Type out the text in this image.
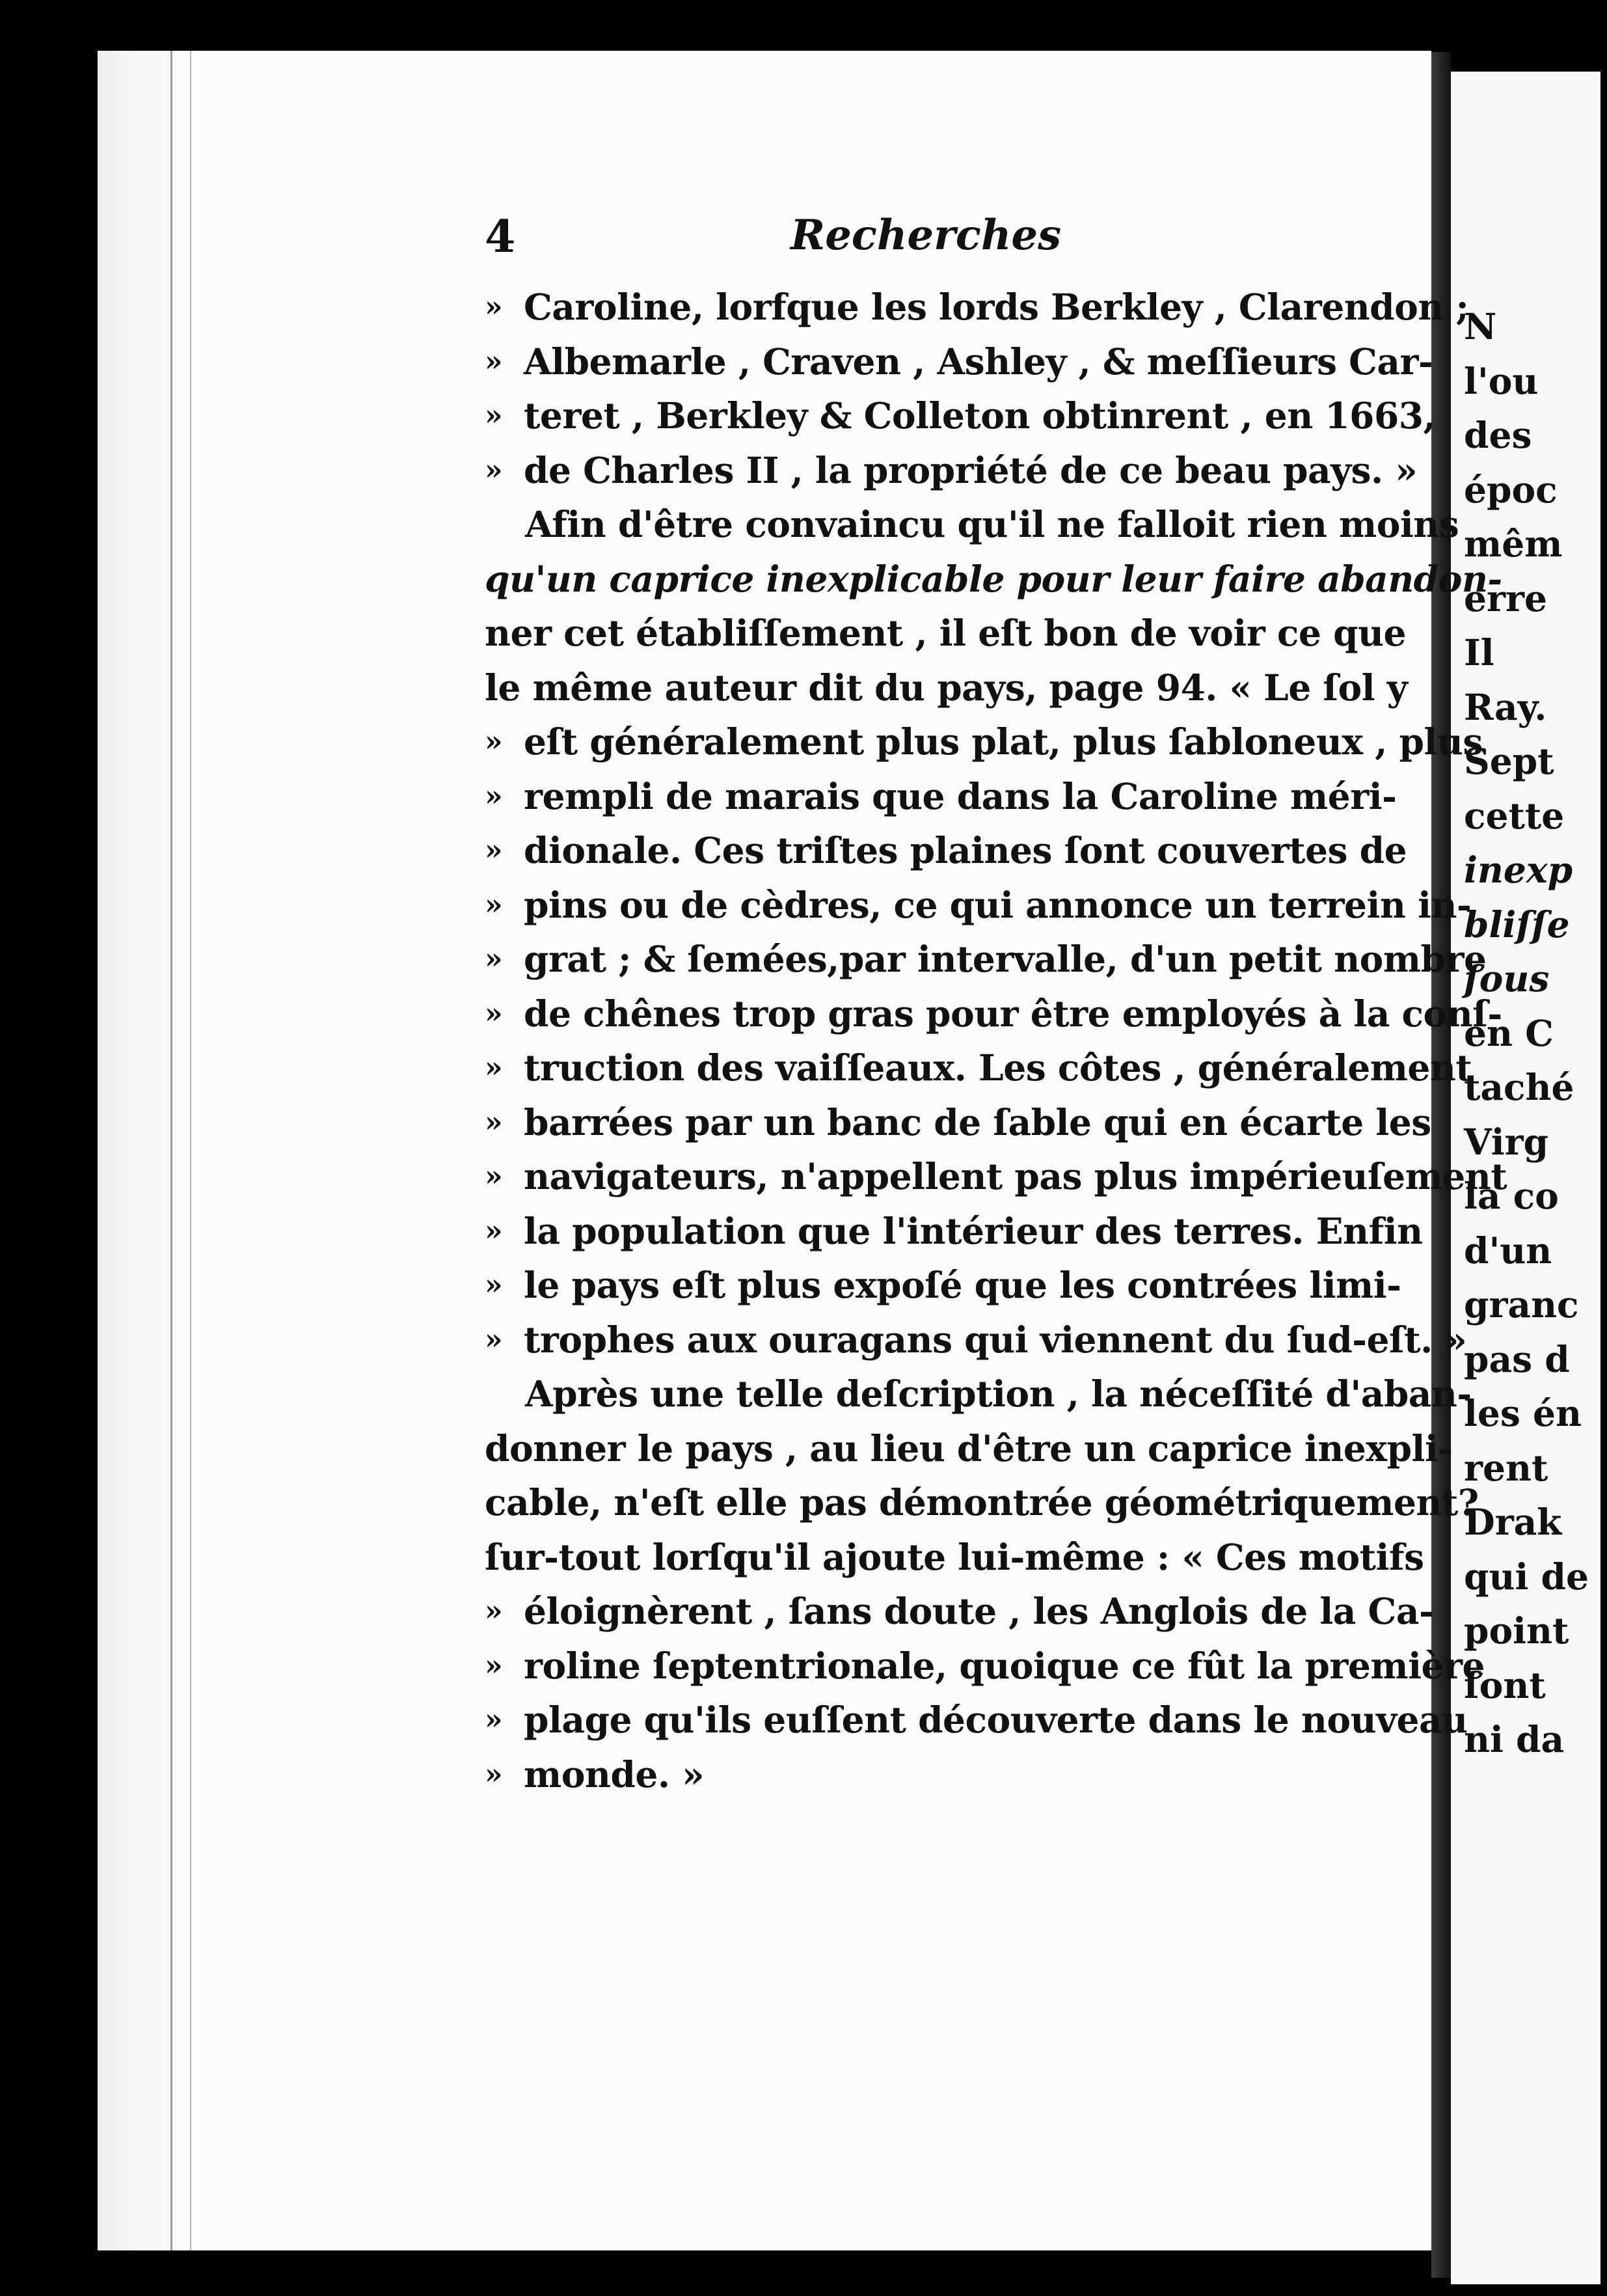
4	Recherches
» Caroline, lorfque les lords Berkley , Clarendon ;
» Albemarle , Craven , Ashley , & meſſieurs Car-
» teret , Berkley & Colleton obtinrent , en 1663,
» de Charles II , la propriété de ce beau pays. »
Afin d'être convaincu qu'il ne falloit rien moins
qu'un caprice inexplicable pour leur faire abandon-
ner cet établiſſement , il eſt bon de voir ce que
le même auteur dit du pays, page 94. « Le ſol y
» eſt généralement plus plat, plus ſabloneux , plus
» rempli de marais que dans la Caroline méri-
» dionale. Ces triſtes plaines ſont couvertes de
» pins ou de cèdres, ce qui annonce un terrein in-
» grat ; & ſemées,par intervalle, d'un petit nombre
» de chênes trop gras pour être employés à la conſ-
» truction des vaiſſeaux. Les côtes , généralement
» barrées par un banc de ſable qui en écarte les
» navigateurs, n'appellent pas plus impérieuſement
» la population que l'intérieur des terres. Enfin
» le pays eſt plus expoſé que les contrées limi-
» trophes aux ouragans qui viennent du ſud-eſt. »
Après une telle deſcription , la néceſſité d'aban-
donner le pays , au lieu d'être un caprice inexpli-
cable, n'eſt elle pas démontrée géométriquement?
ſur-tout lorſqu'il ajoute lui-même : « Ces motifs
» éloignèrent , ſans doute , les Anglois de la Ca-
» roline ſeptentrionale, quoique ce fût la première
» plage qu'ils euſſent découverte dans le nouveau
» monde. »
N
l'ou
des
époc
mêm
erre
Il
Ray.
Sept
cette
inexp
bliſſe
ſous
en C
taché
Virg
la co
d'un
granc
pas d
les én
rent
Drak
qui de
point
ſont
ni da
